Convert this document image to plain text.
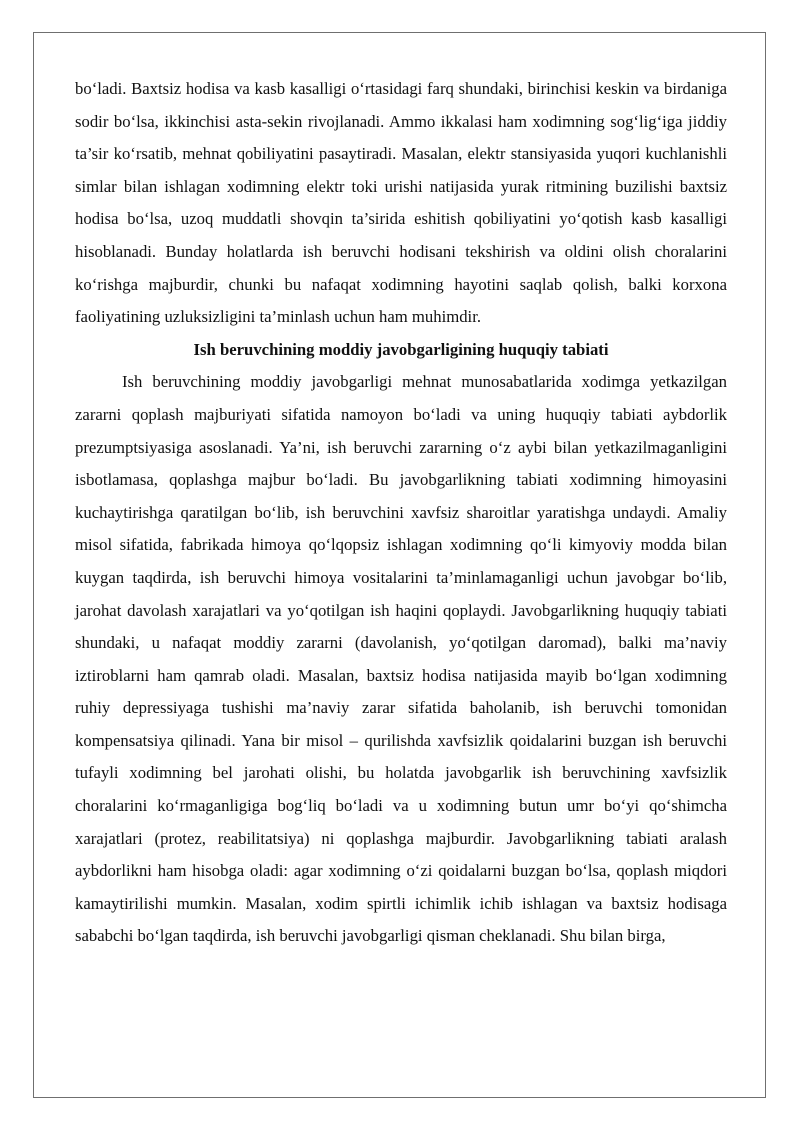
bo‘ladi. Baxtsiz hodisa va kasb kasalligi o‘rtasidagi farq shundaki, birinchisi keskin va birdaniga sodir bo‘lsa, ikkinchisi asta-sekin rivojlanadi. Ammo ikkalasi ham xodimning sog‘lig‘iga jiddiy ta’sir ko‘rsatib, mehnat qobiliyatini pasaytiradi. Masalan, elektr stansiyasida yuqori kuchlanishli simlar bilan ishlagan xodimning elektr toki urishi natijasida yurak ritmining buzilishi baxtsiz hodisa bo‘lsa, uzoq muddatli shovqin ta’sirida eshitish qobiliyatini yo‘qotish kasb kasalligi hisoblanadi. Bunday holatlarda ish beruvchi hodisani tekshirish va oldini olish choralarini ko‘rishga majburdir, chunki bu nafaqat xodimning hayotini saqlab qolish, balki korxona faoliyatining uzluksizligini ta’minlash uchun ham muhimdir.

Ish beruvchining moddiy javobgarligining huquqiy tabiati

Ish beruvchining moddiy javobgarligi mehnat munosabatlarida xodimga yetkazilgan zararni qoplash majburiyati sifatida namoyon bo‘ladi va uning huquqiy tabiati aybdorlik prezumptsiyasiga asoslanadi. Ya’ni, ish beruvchi zararning o‘z aybi bilan yetkazilmaganligini isbotlamasa, qoplashga majbur bo‘ladi. Bu javobgarlikning tabiati xodimning himoyasini kuchaytirishga qaratilgan bo‘lib, ish beruvchini xavfsiz sharoitlar yaratishga undaydi. Amaliy misol sifatida, fabrikada himoya qo‘lqopsiz ishlagan xodimning qo‘li kimyoviy modda bilan kuygan taqdirda, ish beruvchi himoya vositalarini ta’minlamaganligi uchun javobgar bo‘lib, jarohat davolash xarajatlari va yo‘qotilgan ish haqini qoplaydi. Javobgarlikning huquqiy tabiati shundaki, u nafaqat moddiy zararni (davolanish, yo‘qotilgan daromad), balki ma’naviy iztiroblarni ham qamrab oladi. Masalan, baxtsiz hodisa natijasida mayib bo‘lgan xodimning ruhiy depressiyaga tushishi ma’naviy zarar sifatida baholanib, ish beruvchi tomonidan kompensatsiya qilinadi. Yana bir misol – qurilishda xavfsizlik qoidalarini buzgan ish beruvchi tufayli xodimning bel jarohati olishi, bu holatda javobgarlik ish beruvchining xavfsizlik choralarini ko‘rmaganligiga bog‘liq bo‘ladi va u xodimning butun umr bo‘yi qo‘shimcha xarajatlari (protez, reabilitatsiya) ni qoplashga majburdir. Javobgarlikning tabiati aralash aybdorlikni ham hisobga oladi: agar xodimning o‘zi qoidalarni buzgan bo‘lsa, qoplash miqdori kamaytirilishi mumkin. Masalan, xodim spirtli ichimlik ichib ishlagan va baxtsiz hodisaga sababchi bo‘lgan taqdirda, ish beruvchi javobgarligi qisman cheklanadi. Shu bilan birga,
